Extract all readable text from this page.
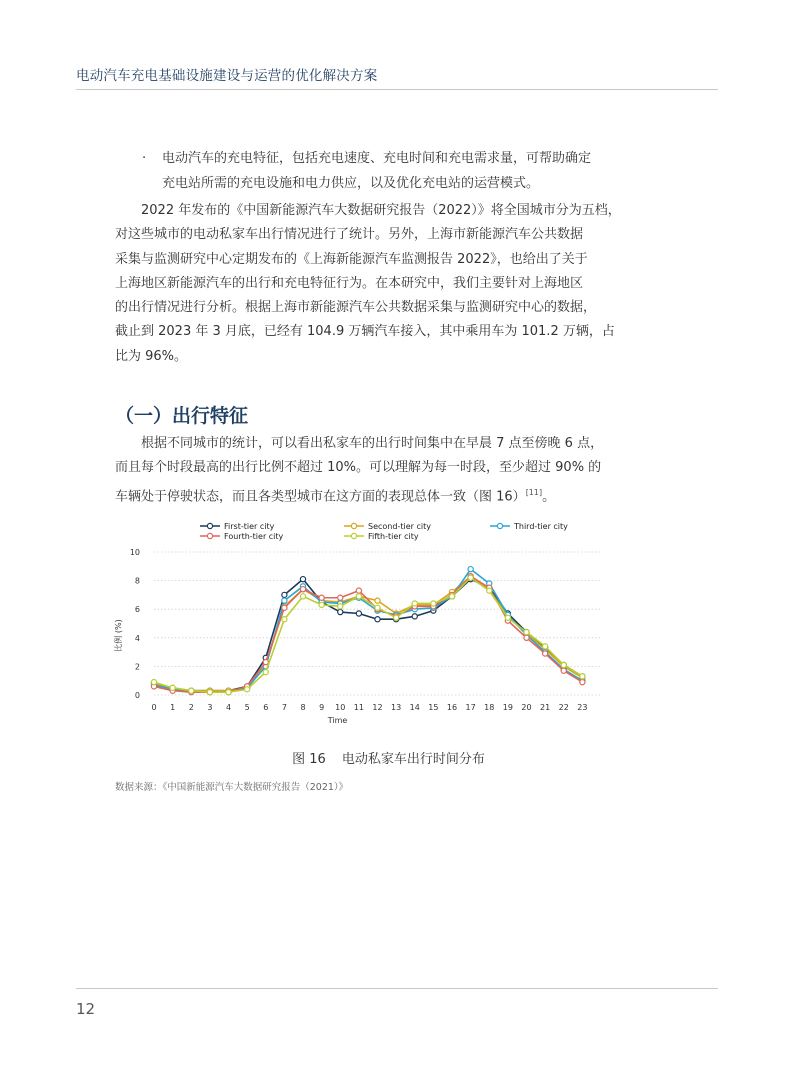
电动汽车充电基础设施建设与运营的优化解决方案
· 电动汽车的充电特征，包括充电速度、充电时间和充电需求量，可帮助确定
充电站所需的充电设施和电力供应，以及优化充电站的运营模式。
2022 年发布的《中国新能源汽车大数据研究报告（2022）》将全国城市分为五档，
对这些城市的电动私家车出行情况进行了统计。另外，上海市新能源汽车公共数据
采集与监测研究中心定期发布的《上海新能源汽车监测报告 2022》，也给出了关于
上海地区新能源汽车的出行和充电特征行为。在本研究中，我们主要针对上海地区
的出行情况进行分析。根据上海市新能源汽车公共数据采集与监测研究中心的数据，
截止到 2023 年 3 月底，已经有 104.9 万辆汽车接入，其中乘用车为 101.2 万辆，占
比为 96%。
（一）出行特征
根据不同城市的统计，可以看出私家车的出行时间集中在早晨 7 点至傍晚 6 点，
而且每个时段最高的出行比例不超过 10%。可以理解为每一时段，至少超过 90% 的
车辆处于停驶状态，而且各类型城市在这方面的表现总体一致（图 16）[11]。
0
2
4
6
8
10
0 1 2 3 4 5 6 7 8 9 10 11 12 13 14 15 16 17 18 19 20 21 22 23
Time
比例 (%)
First-tier city	Second-tier city	Third-tier city
Fourth-tier city	Fifth-tier city
图 16 电动私家车出行时间分布
数据来源：《中国新能源汽车大数据研究报告（2021）》
12
